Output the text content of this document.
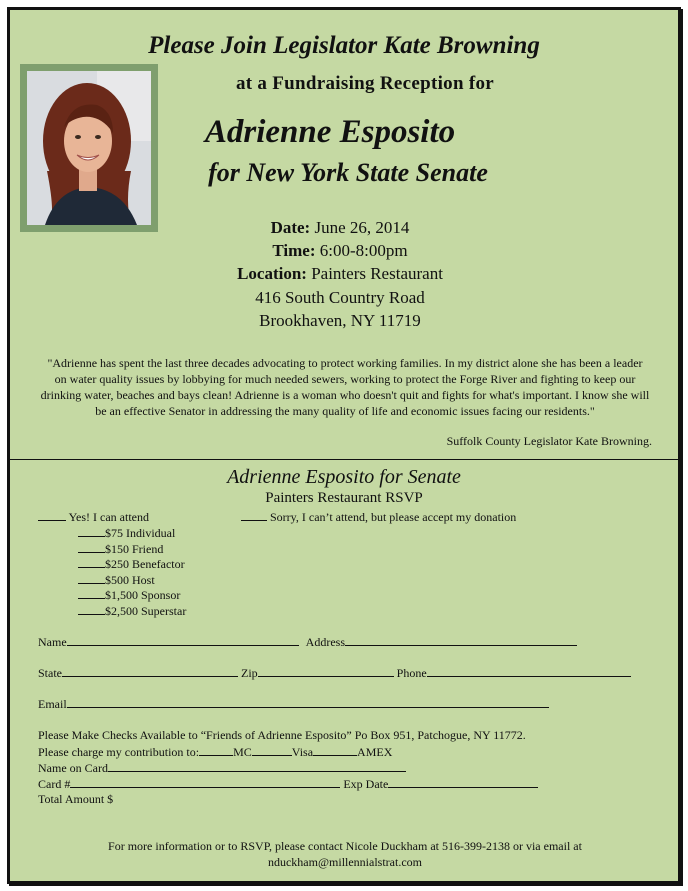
Please Join Legislator Kate Browning

at a Fundraising Reception for

Adrienne Esposito

for New York State Senate

Date: June 26, 2014

Time: 6:00-8:00pm

Location: Painters Restaurant

416 South Country Road

Brookhaven, NY 11719

"Adrienne has spent the last three decades advocating to protect working families. In my district alone she has been a leader on water quality issues by lobbying for much needed sewers, working to protect the Forge River and fighting to keep our drinking water, beaches and bays clean! Adrienne is a woman who doesn't quit and fights for what's important. I know she will be an effective Senator in addressing the many quality of life and economic issues facing our residents."

Suffolk County Legislator Kate Browning.

Adrienne Esposito for Senate

Painters Restaurant RSVP

Yes! I can attend	Sorry, I can’t attend, but please accept my donation

$75 Individual

$150 Friend

$250 Benefactor

$500 Host

$1,500 Sponsor

$2,500 Superstar

Name	Address

State	Zip	Phone

Email

Please Make Checks Available to “Friends of Adrienne Esposito” Po Box 951, Patchogue, NY 11772.

Please charge my contribution to:	MC	Visa	AMEX

Name on Card

Card #	Exp Date

Total Amount $

For more information or to RSVP, please contact Nicole Duckham at 516-399-2138 or via email at
nduckham@millennialstrat.com
